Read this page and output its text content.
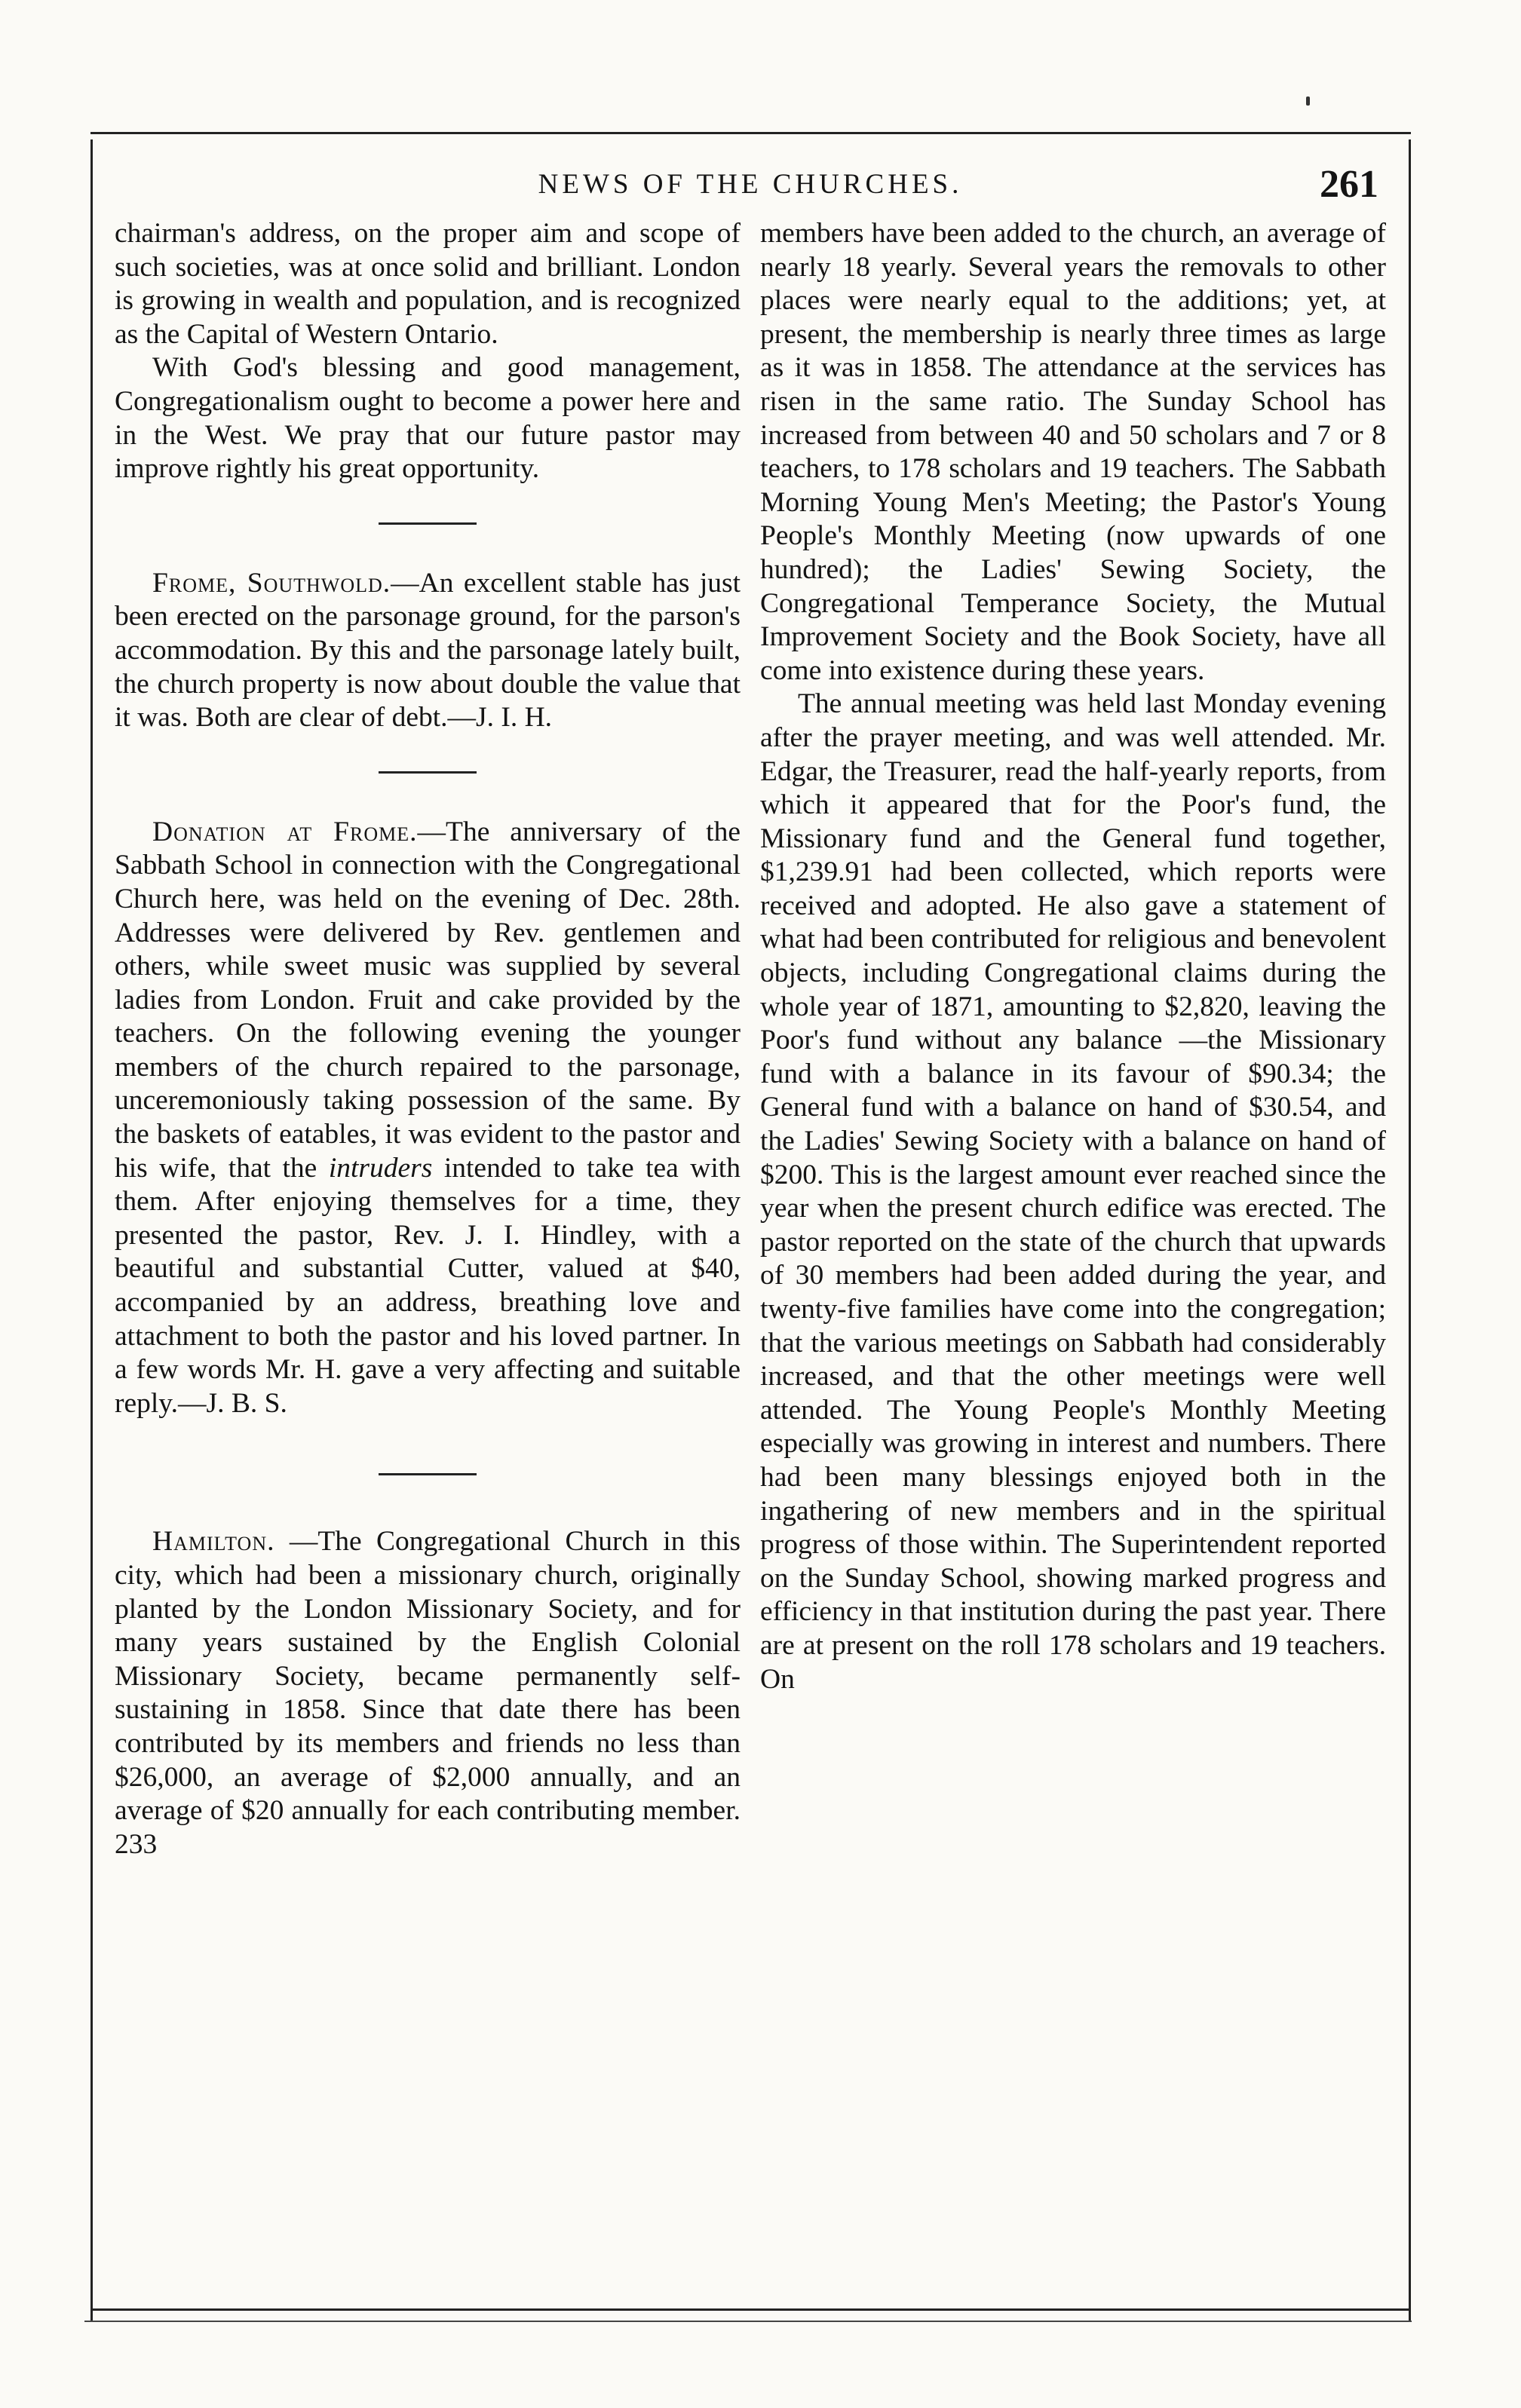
NEWS OF THE CHURCHES.	261

chairman's address, on the proper aim and scope of such societies, was at once solid and brilliant. London is growing in wealth and population, and is recognized as the Capital of Western Ontario.

With God's blessing and good management, Congregationalism ought to become a power here and in the West. We pray that our future pastor may improve rightly his great opportunity.

Frome, Southwold.—An excellent stable has just been erected on the parsonage ground, for the parson's accommodation. By this and the parsonage lately built, the church property is now about double the value that it was. Both are clear of debt.—J. I. H.

Donation at Frome.—The anniversary of the Sabbath School in connection with the Congregational Church here, was held on the evening of Dec. 28th. Addresses were delivered by Rev. gentlemen and others, while sweet music was supplied by several ladies from London. Fruit and cake provided by the teachers. On the following evening the younger members of the church repaired to the parsonage, unceremoniously taking possession of the same. By the baskets of eatables, it was evident to the pastor and his wife, that the intruders intended to take tea with them. After enjoying themselves for a time, they presented the pastor, Rev. J. I. Hindley, with a beautiful and substantial Cutter, valued at $40, accompanied by an address, breathing love and attachment to both the pastor and his loved partner. In a few words Mr. H. gave a very affecting and suitable reply.—J. B. S.

Hamilton. —The Congregational Church in this city, which had been a missionary church, originally planted by the London Missionary Society, and for many years sustained by the English Colonial Missionary Society, became permanently self-sustaining in 1858. Since that date there has been contributed by its members and friends no less than $26,000, an average of $2,000 annually, and an average of $20 annually for each contributing member. 233

members have been added to the church, an average of nearly 18 yearly. Several years the removals to other places were nearly equal to the additions; yet, at present, the membership is nearly three times as large as it was in 1858. The attendance at the services has risen in the same ratio. The Sunday School has increased from between 40 and 50 scholars and 7 or 8 teachers, to 178 scholars and 19 teachers. The Sabbath Morning Young Men's Meeting; the Pastor's Young People's Monthly Meeting (now upwards of one hundred); the Ladies' Sewing Society, the Congregational Temperance Society, the Mutual Improvement Society and the Book Society, have all come into existence during these years.

The annual meeting was held last Monday evening after the prayer meeting, and was well attended. Mr. Edgar, the Treasurer, read the half-yearly reports, from which it appeared that for the Poor's fund, the Missionary fund and the General fund together, $1,239.91 had been collected, which reports were received and adopted. He also gave a statement of what had been contributed for religious and benevolent objects, including Congregational claims during the whole year of 1871, amounting to $2,820, leaving the Poor's fund without any balance —the Missionary fund with a balance in its favour of $90.34; the General fund with a balance on hand of $30.54, and the Ladies' Sewing Society with a balance on hand of $200. This is the largest amount ever reached since the year when the present church edifice was erected. The pastor reported on the state of the church that upwards of 30 members had been added during the year, and twenty-five families have come into the congregation; that the various meetings on Sabbath had considerably increased, and that the other meetings were well attended. The Young People's Monthly Meeting especially was growing in interest and numbers. There had been many blessings enjoyed both in the ingathering of new members and in the spiritual progress of those within. The Superintendent reported on the Sunday School, showing marked progress and efficiency in that institution during the past year. There are at present on the roll 178 scholars and 19 teachers. On
